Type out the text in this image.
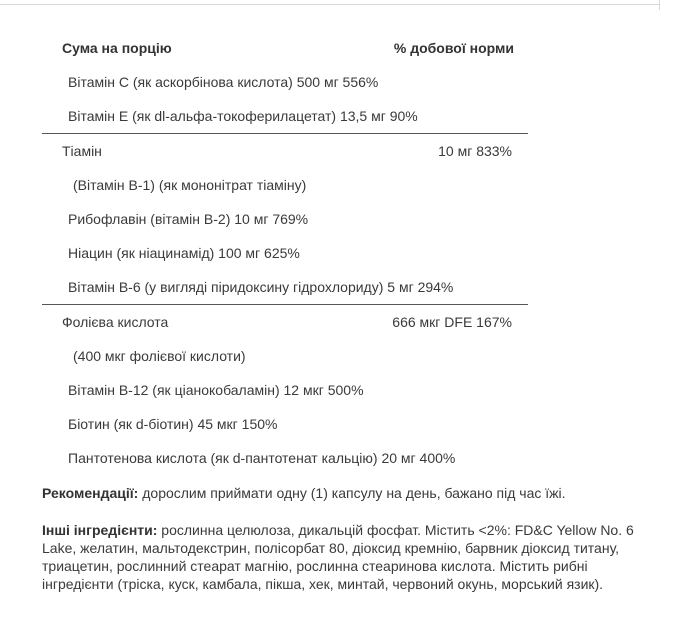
Сума на порцію	% добової норми
Вітамін C (як аскорбінова кислота) 500 мг 556%
Вітамін E (як dl-альфа-токоферилацетат) 13,5 мг 90%
Тіамін	10 мг 833%
(Вітамін B-1) (як мононітрат тіаміну)
Рибофлавін (вітамін B-2) 10 мг 769%
Ніацин (як ніацинамід) 100 мг 625%
Вітамін B-6 (у вигляді піридоксину гідрохлориду) 5 мг 294%
Фолієва кислота	666 мкг DFE 167%
(400 мкг фолієвої кислоти)
Вітамін B-12 (як ціанокобаламін) 12 мкг 500%
Біотин (як d-біотин) 45 мкг 150%
Пантотенова кислота (як d-пантотенат кальцію) 20 мг 400%
Рекомендації: дорослим приймати одну (1) капсулу на день, бажано під час їжі.
Інші інгредієнти: рослинна целюлоза, дикальцій фосфат. Містить <2%: FD&C Yellow No. 6 Lake, желатин, мальтодекстрин, полісорбат 80, діоксид кремнію, барвник діоксид титану, триацетин, рослинний стеарат магнію, рослинна стеаринова кислота. Містить рибні інгредієнти (тріска, куск, камбала, пікша, хек, минтай, червоний окунь, морський язик).
